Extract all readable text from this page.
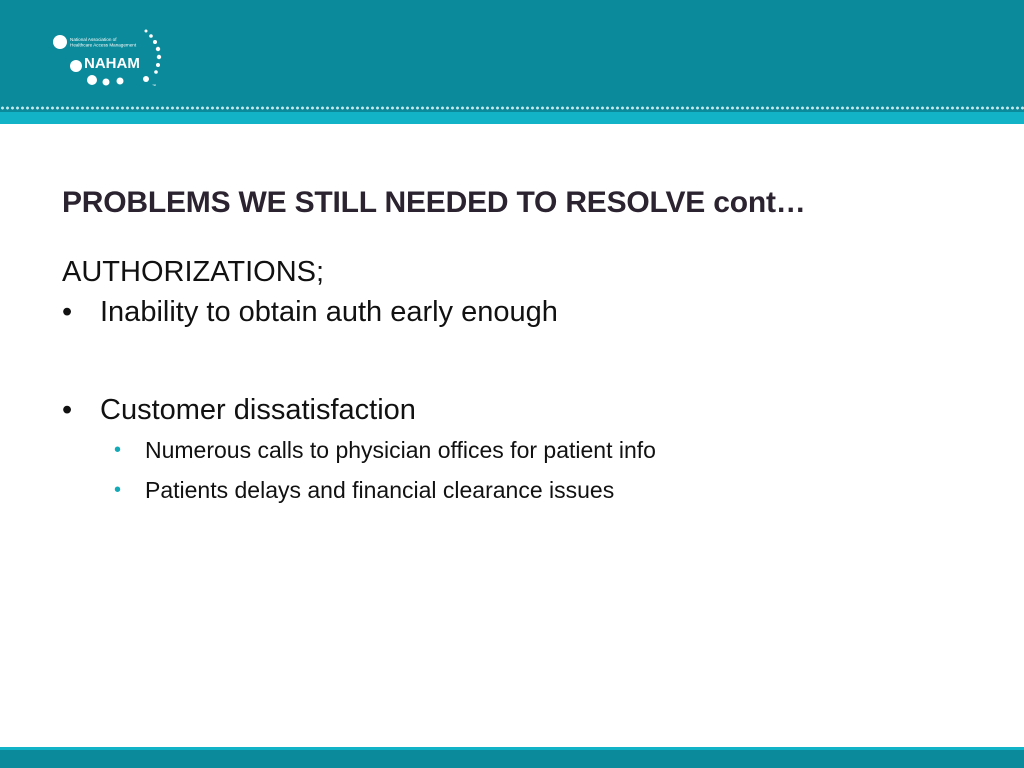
National Association of
Healthcare Access Management
NAHAM
™
PROBLEMS WE STILL NEEDED TO RESOLVE cont…

AUTHORIZATIONS;

• Inability to obtain auth early enough

• Customer dissatisfaction

• Numerous calls to physician offices for patient info

• Patients delays and financial clearance issues
